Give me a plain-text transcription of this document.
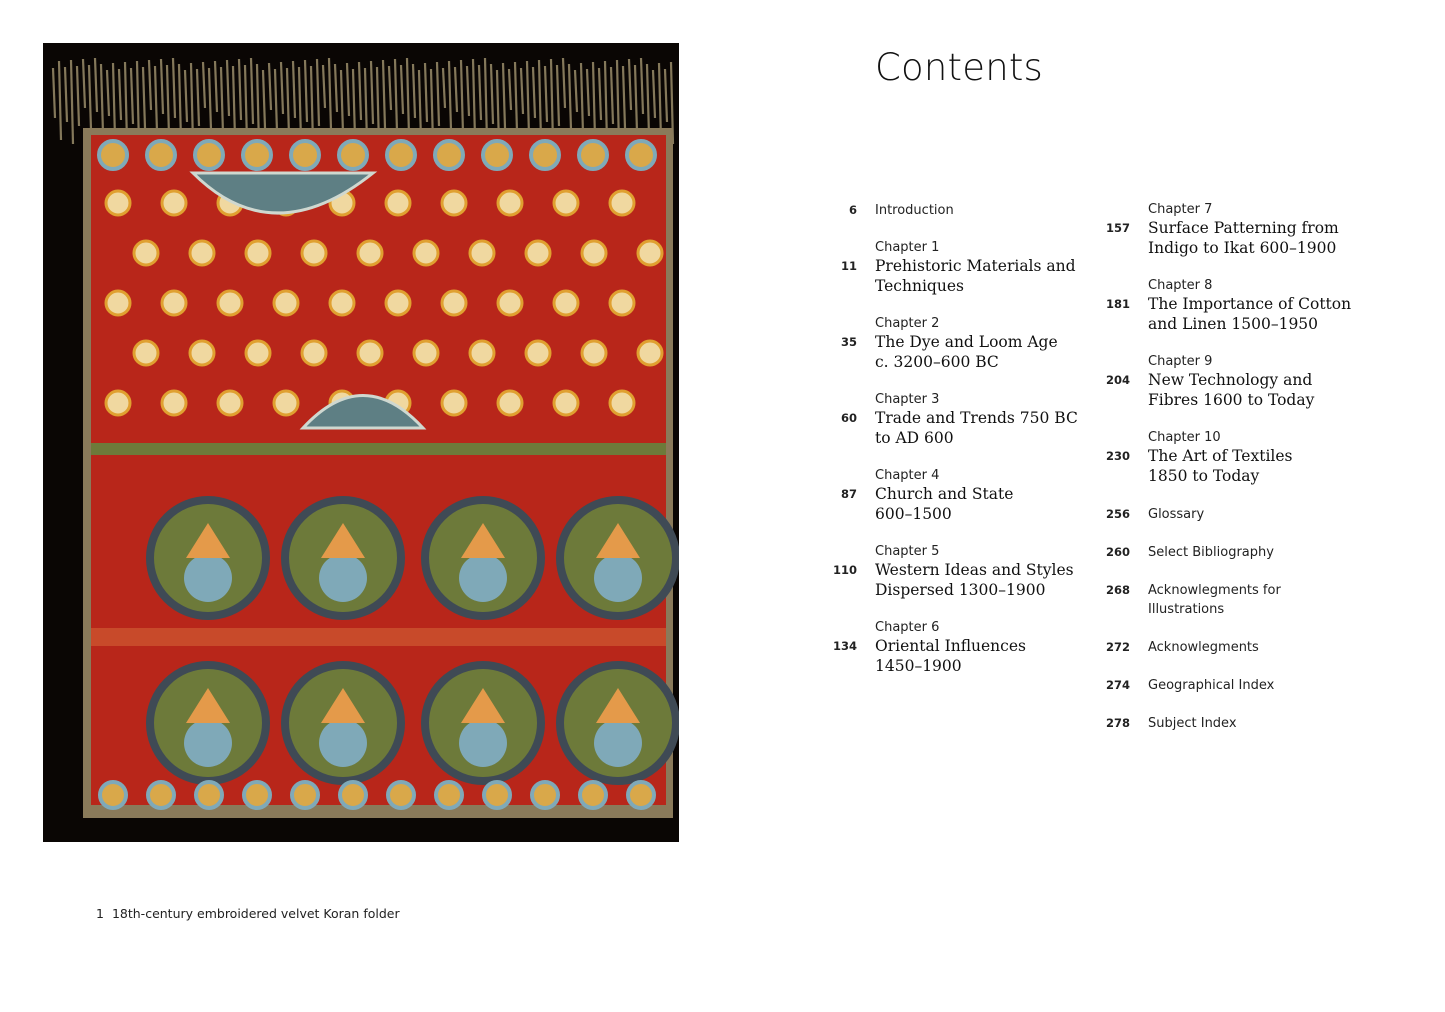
1 18th-century embroidered velvet Koran folder
Contents
6 Introduction
11
Chapter 1
Prehistoric Materials and
Techniques
35
Chapter 2
The Dye and Loom Age
c. 3200–600 BC
60
Chapter 3
Trade and Trends 750 BC
to AD 600
87
Chapter 4
Church and State
600–1500
110
Chapter 5
Western Ideas and Styles
Dispersed 1300–1900
134
Chapter 6
Oriental Influences
1450–1900
157
Chapter 7
Surface Patterning from
Indigo to Ikat 600–1900
181
Chapter 8
The Importance of Cotton
and Linen 1500–1950
204
Chapter 9
New Technology and
Fibres 1600 to Today
230
Chapter 10
The Art of Textiles
1850 to Today
256 Glossary
260 Select Bibliography
268 Acknowlegments for
Illustrations
272 Acknowlegments
274 Geographical Index
278 Subject Index
